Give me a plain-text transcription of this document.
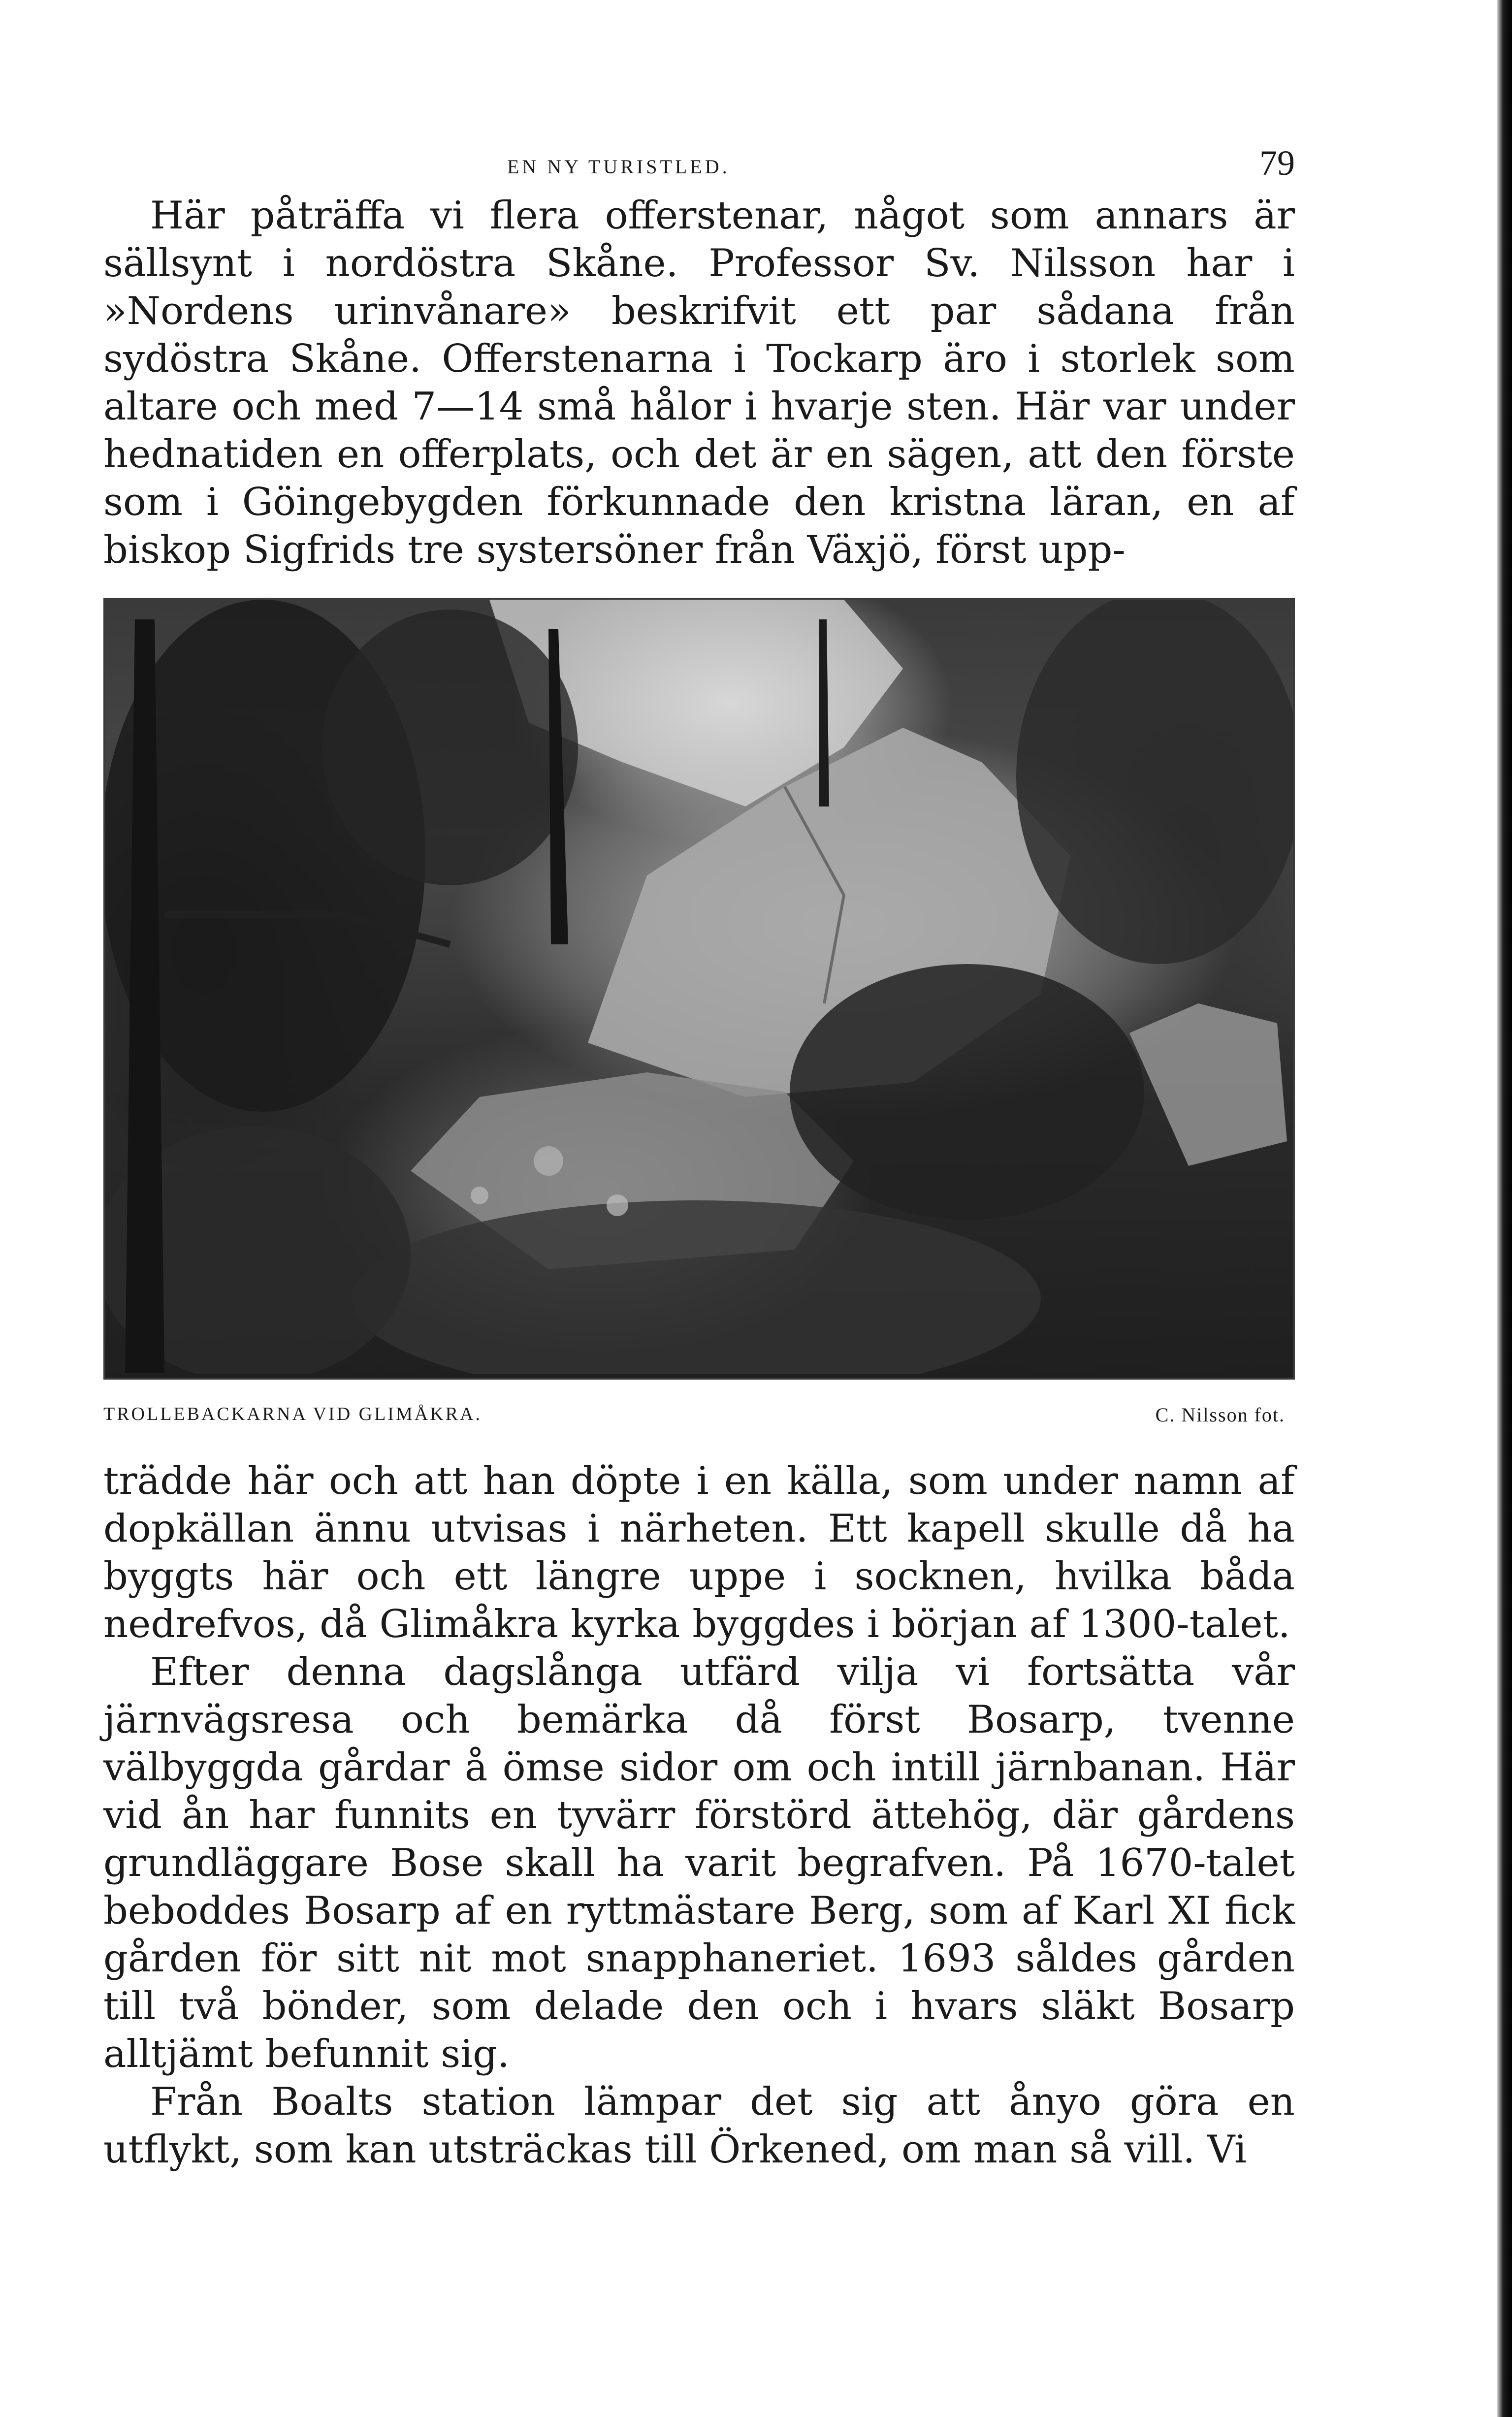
EN NY TURISTLED.	79

Här påträffa vi flera offerstenar, något som annars är sällsynt i nordöstra Skåne. Professor Sv. Nilsson har i »Nordens urinvånare» beskrifvit ett par sådana från sydöstra Skåne. Offerstenarna i Tockarp äro i storlek som altare och med 7—14 små hålor i hvarje sten. Här var under hednatiden en offerplats, och det är en sägen, att den förste som i Göingebygden förkunnade den kristna läran, en af biskop Sigfrids tre systersöner från Växjö, först upp-

TROLLEBACKARNA VID GLIMÅKRA.	C. Nilsson fot.

trädde här och att han döpte i en källa, som under namn af dopkällan ännu utvisas i närheten. Ett kapell skulle då ha byggts här och ett längre uppe i socknen, hvilka båda nedrefvos, då Glimåkra kyrka byggdes i början af 1300-talet.

Efter denna dagslånga utfärd vilja vi fortsätta vår järnvägsresa och bemärka då först Bosarp, tvenne välbyggda gårdar å ömse sidor om och intill järnbanan. Här vid ån har funnits en tyvärr förstörd ättehög, där gårdens grundläggare Bose skall ha varit begrafven. På 1670-talet beboddes Bosarp af en ryttmästare Berg, som af Karl XI fick gården för sitt nit mot snapphaneriet. 1693 såldes gården till två bönder, som delade den och i hvars släkt Bosarp alltjämt befunnit sig.

Från Boalts station lämpar det sig att ånyo göra en utflykt, som kan utsträckas till Örkened, om man så vill. Vi
